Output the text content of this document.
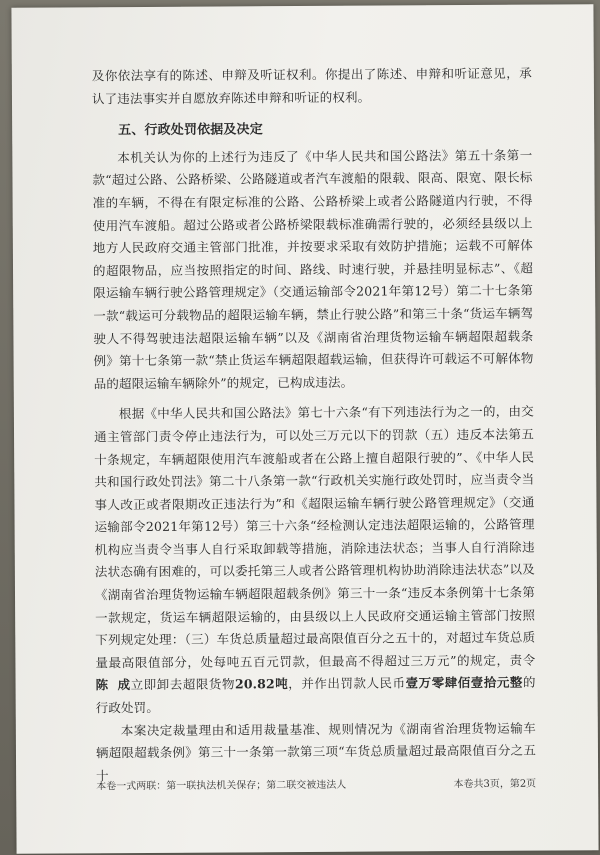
及你依法享有的陈述、申辩及听证权利。你提出了陈述、申辩和听证意见，承认了违法事实并自愿放弃陈述申辩和听证的权利。

五、行政处罚依据及决定

本机关认为你的上述行为违反了《中华人民共和国公路法》第五十条第一款“超过公路、公路桥梁、公路隧道或者汽车渡船的限载、限高、限宽、限长标准的车辆，不得在有限定标准的公路、公路桥梁上或者公路隧道内行驶，不得使用汽车渡船。超过公路或者公路桥梁限载标准确需行驶的，必须经县级以上地方人民政府交通主管部门批准，并按要求采取有效防护措施；运载不可解体的超限物品，应当按照指定的时间、路线、时速行驶，并悬挂明显标志”、《超限运输车辆行驶公路管理规定》（交通运输部令2021年第12号）第二十七条第一款“载运可分载物品的超限运输车辆，禁止行驶公路”和第三十条“货运车辆驾驶人不得驾驶违法超限运输车辆”以及《湖南省治理货物运输车辆超限超载条例》第十七条第一款“禁止货运车辆超限超载运输，但获得许可载运不可解体物品的超限运输车辆除外”的规定，已构成违法。

根据《中华人民共和国公路法》第七十六条“有下列违法行为之一的，由交通主管部门责令停止违法行为，可以处三万元以下的罚款（五）违反本法第五十条规定，车辆超限使用汽车渡船或者在公路上擅自超限行驶的”、《中华人民共和国行政处罚法》第二十八条第一款“行政机关实施行政处罚时，应当责令当事人改正或者限期改正违法行为”和《超限运输车辆行驶公路管理规定》（交通运输部令2021年第12号）第三十六条“经检测认定违法超限运输的，公路管理机构应当责令当事人自行采取卸载等措施，消除违法状态；当事人自行消除违法状态确有困难的，可以委托第三人或者公路管理机构协助消除违法状态”以及《湖南省治理货物运输车辆超限超载条例》第三十一条“违反本条例第十七条第一款规定，货运车辆超限运输的，由县级以上人民政府交通运输主管部门按照下列规定处理：（三）车货总质量超过最高限值百分之五十的，对超过车货总质量最高限值部分，处每吨五百元罚款，但最高不得超过三万元”的规定，责令陈 成立即卸去超限货物20.82吨，并作出罚款人民币壹万零肆佰壹拾元整的行政处罚。

本案决定裁量理由和适用裁量基准、规则情况为《湖南省治理货物运输车辆超限超载条例》第三十一条第一款第三项“车货总质量超过最高限值百分之五十

本卷一式两联：第一联执法机关保存；第二联交被违法人	本卷共3页，第2页
